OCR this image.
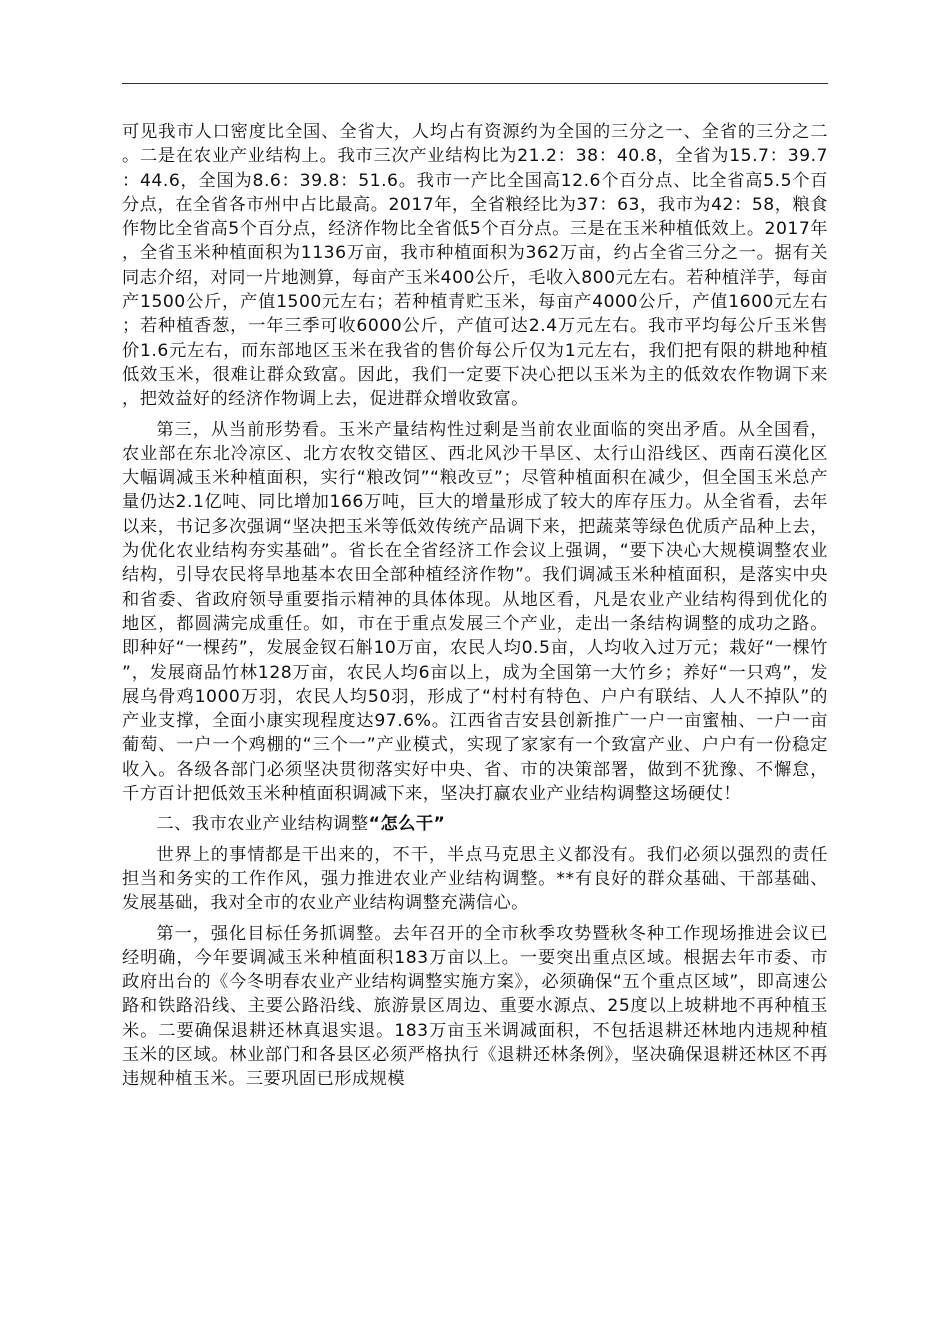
可见我市人口密度比全国、全省大，人均占有资源约为全国的三分之一、全省的三分之二。二是在农业产业结构上。我市三次产业结构比为21.2：38：40.8，全省为15.7：39.7：44.6，全国为8.6：39.8：51.6。我市一产比全国高12.6个百分点、比全省高5.5个百分点，在全省各市州中占比最高。2017年，全省粮经比为37：63，我市为42：58，粮食作物比全省高5个百分点，经济作物比全省低5个百分点。三是在玉米种植低效上。2017年，全省玉米种植面积为1136万亩，我市种植面积为362万亩，约占全省三分之一。据有关同志介绍，对同一片地测算，每亩产玉米400公斤，毛收入800元左右。若种植洋芋，每亩产1500公斤，产值1500元左右；若种植青贮玉米，每亩产4000公斤，产值1600元左右；若种植香葱，一年三季可收6000公斤，产值可达2.4万元左右。我市平均每公斤玉米售价1.6元左右，而东部地区玉米在我省的售价每公斤仅为1元左右，我们把有限的耕地种植低效玉米，很难让群众致富。因此，我们一定要下决心把以玉米为主的低效农作物调下来，把效益好的经济作物调上去，促进群众增收致富。

第三，从当前形势看。玉米产量结构性过剩是当前农业面临的突出矛盾。从全国看，农业部在东北冷凉区、北方农牧交错区、西北风沙干旱区、太行山沿线区、西南石漠化区大幅调减玉米种植面积，实行“粮改饲”“粮改豆”；尽管种植面积在减少，但全国玉米总产量仍达2.1亿吨、同比增加166万吨，巨大的增量形成了较大的库存压力。从全省看，去年以来，书记多次强调“坚决把玉米等低效传统产品调下来，把蔬菜等绿色优质产品种上去，为优化农业结构夯实基础”。省长在全省经济工作会议上强调，“要下决心大规模调整农业结构，引导农民将旱地基本农田全部种植经济作物”。我们调减玉米种植面积，是落实中央和省委、省政府领导重要指示精神的具体体现。从地区看，凡是农业产业结构得到优化的地区，都圆满完成重任。如，市在于重点发展三个产业，走出一条结构调整的成功之路。即种好“一棵药”，发展金钗石斛10万亩，农民人均0.5亩，人均收入过万元；栽好“一棵竹”，发展商品竹林128万亩，农民人均6亩以上，成为全国第一大竹乡；养好“一只鸡”，发展乌骨鸡1000万羽，农民人均50羽，形成了“村村有特色、户户有联结、人人不掉队”的产业支撑，全面小康实现程度达97.6%。江西省吉安县创新推广一户一亩蜜柚、一户一亩葡萄、一户一个鸡棚的“三个一”产业模式，实现了家家有一个致富产业、户户有一份稳定收入。各级各部门必须坚决贯彻落实好中央、省、市的决策部署，做到不犹豫、不懈怠，千方百计把低效玉米种植面积调减下来，坚决打赢农业产业结构调整这场硬仗！

二、我市农业产业结构调整“怎么干”

世界上的事情都是干出来的，不干，半点马克思主义都没有。我们必须以强烈的责任担当和务实的工作作风，强力推进农业产业结构调整。**有良好的群众基础、干部基础、发展基础，我对全市的农业产业结构调整充满信心。

第一，强化目标任务抓调整。去年召开的全市秋季攻势暨秋冬种工作现场推进会议已经明确，今年要调减玉米种植面积183万亩以上。一要突出重点区域。根据去年市委、市政府出台的《今冬明春农业产业结构调整实施方案》，必须确保“五个重点区域”，即高速公路和铁路沿线、主要公路沿线、旅游景区周边、重要水源点、25度以上坡耕地不再种植玉米。二要确保退耕还林真退实退。183万亩玉米调减面积，不包括退耕还林地内违规种植玉米的区域。林业部门和各县区必须严格执行《退耕还林条例》，坚决确保退耕还林区不再违规种植玉米。三要巩固已形成规模
